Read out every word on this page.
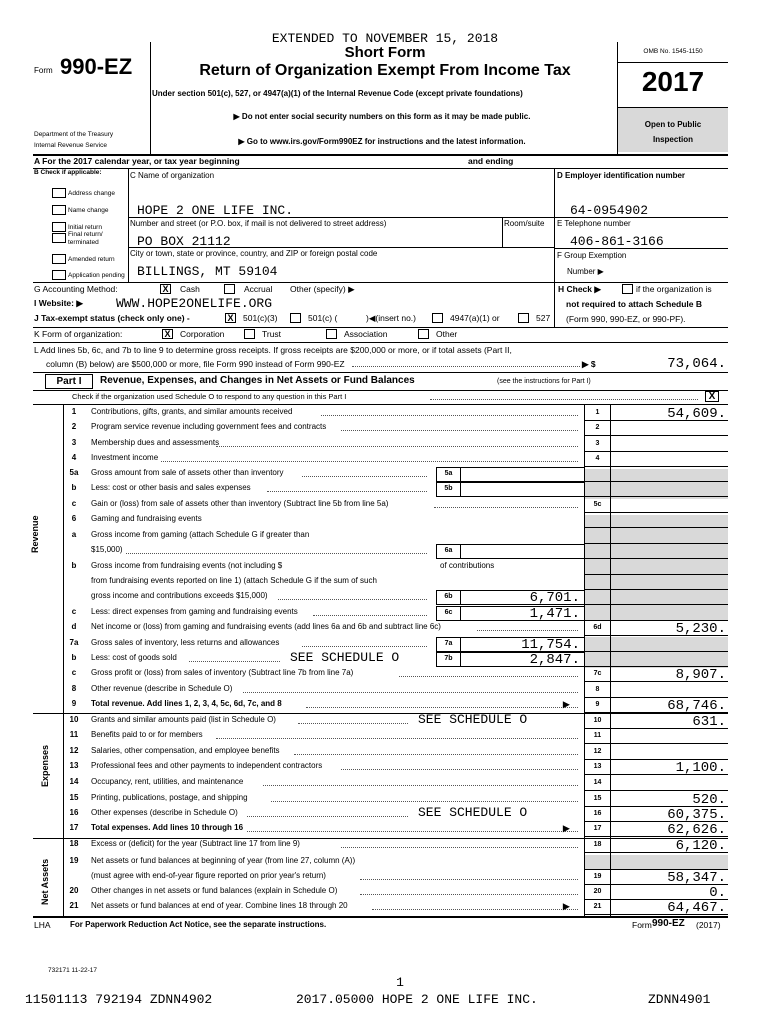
EXTENDED TO NOVEMBER 15, 2018
Form 990-EZ
Short Form
Return of Organization Exempt From Income Tax
Under section 501(c), 527, or 4947(a)(1) of the Internal Revenue Code (except private foundations)
▶ Do not enter social security numbers on this form as it may be made public.
▶ Go to www.irs.gov/Form990EZ for instructions and the latest information.
Department of the Treasury
Internal Revenue Service
OMB No. 1545-1150
2017
Open to Public
Inspection
A For the 2017 calendar year, or tax year beginning	and ending
B Check if applicable:
Address change
Name change
Initial return
Final return/ terminated
Amended return
Application pending
C Name of organization
HOPE 2 ONE LIFE INC.
Number and street (or P.O. box, if mail is not delivered to street address)	Room/suite
PO BOX 21112
City or town, state or province, country, and ZIP or foreign postal code
BILLINGS, MT 59104
D Employer identification number
64-0954902
E Telephone number
406-861-3166
F Group Exemption
Number ▶
G Accounting Method:	X Cash	Accrual Other (specify) ▶	H Check ▶	if the organization is
not required to attach Schedule B
(Form 990, 990-EZ, or 990-PF).
I Website: ▶	WWW.HOPE2ONELIFE.ORG
J Tax-exempt status (check only one) -	X 501(c)(3)	501(c) (	)◀(insert no.)	4947(a)(1) or	527
K Form of organization:	X Corporation	Trust	Association	Other
L Add lines 5b, 6c, and 7b to line 9 to determine gross receipts. If gross receipts are $200,000 or more, or if total assets (Part II,
column (B) below) are $500,000 or more, file Form 990 instead of Form 990-EZ	▶ $	73,064.
Part I	Revenue, Expenses, and Changes in Net Assets or Fund Balances	(see the instructions for Part I)
Check if the organization used Schedule O to respond to any question in this Part I	X
Revenue
Expenses
Net Assets
1	Contributions, gifts, grants, and similar amounts received	1	54,609.
2	Program service revenue including government fees and contracts	2
3	Membership dues and assessments	3
4	Investment income	4
5a	Gross amount from sale of assets other than inventory	5a
b	Less: cost or other basis and sales expenses	5b
c	Gain or (loss) from sale of assets other than inventory (Subtract line 5b from line 5a)	5c
6	Gaming and fundraising events
a	Gross income from gaming (attach Schedule G if greater than
$15,000)	6a
b	Gross income from fundraising events (not including $	of contributions
from fundraising events reported on line 1) (attach Schedule G if the sum of such
gross income and contributions exceeds $15,000)	6b	6,701.
c	Less: direct expenses from gaming and fundraising events	6c	1,471.
d	Net income or (loss) from gaming and fundraising events (add lines 6a and 6b and subtract line 6c)	6d	5,230.
7a	Gross sales of inventory, less returns and allowances	7a	11,754.
b	Less: cost of goods sold	SEE SCHEDULE O	7b	2,847.
c	Gross profit or (loss) from sales of inventory (Subtract line 7b from line 7a)	7c	8,907.
8	Other revenue (describe in Schedule O)	8
9	Total revenue. Add lines 1, 2, 3, 4, 5c, 6d, 7c, and 8	▶	9	68,746.
10	Grants and similar amounts paid (list in Schedule O)	SEE SCHEDULE O	10	631.
11	Benefits paid to or for members	11
12	Salaries, other compensation, and employee benefits	12
13	Professional fees and other payments to independent contractors	13	1,100.
14	Occupancy, rent, utilities, and maintenance	14
15	Printing, publications, postage, and shipping	15	520.
16	Other expenses (describe in Schedule O)	SEE SCHEDULE O	16	60,375.
17	Total expenses. Add lines 10 through 16	▶	17	62,626.
18	Excess or (deficit) for the year (Subtract line 17 from line 9)	18	6,120.
19	Net assets or fund balances at beginning of year (from line 27, column (A))
(must agree with end-of-year figure reported on prior year's return)	19	58,347.
20	Other changes in net assets or fund balances (explain in Schedule O)	20	0.
21	Net assets or fund balances at end of year. Combine lines 18 through 20	▶	21	64,467.
LHA For Paperwork Reduction Act Notice, see the separate instructions.	Form 990-EZ (2017)
732171 11-22-17
1
11501113 792194 ZDNN4902	2017.05000 HOPE 2 ONE LIFE INC.	ZDNN4901
